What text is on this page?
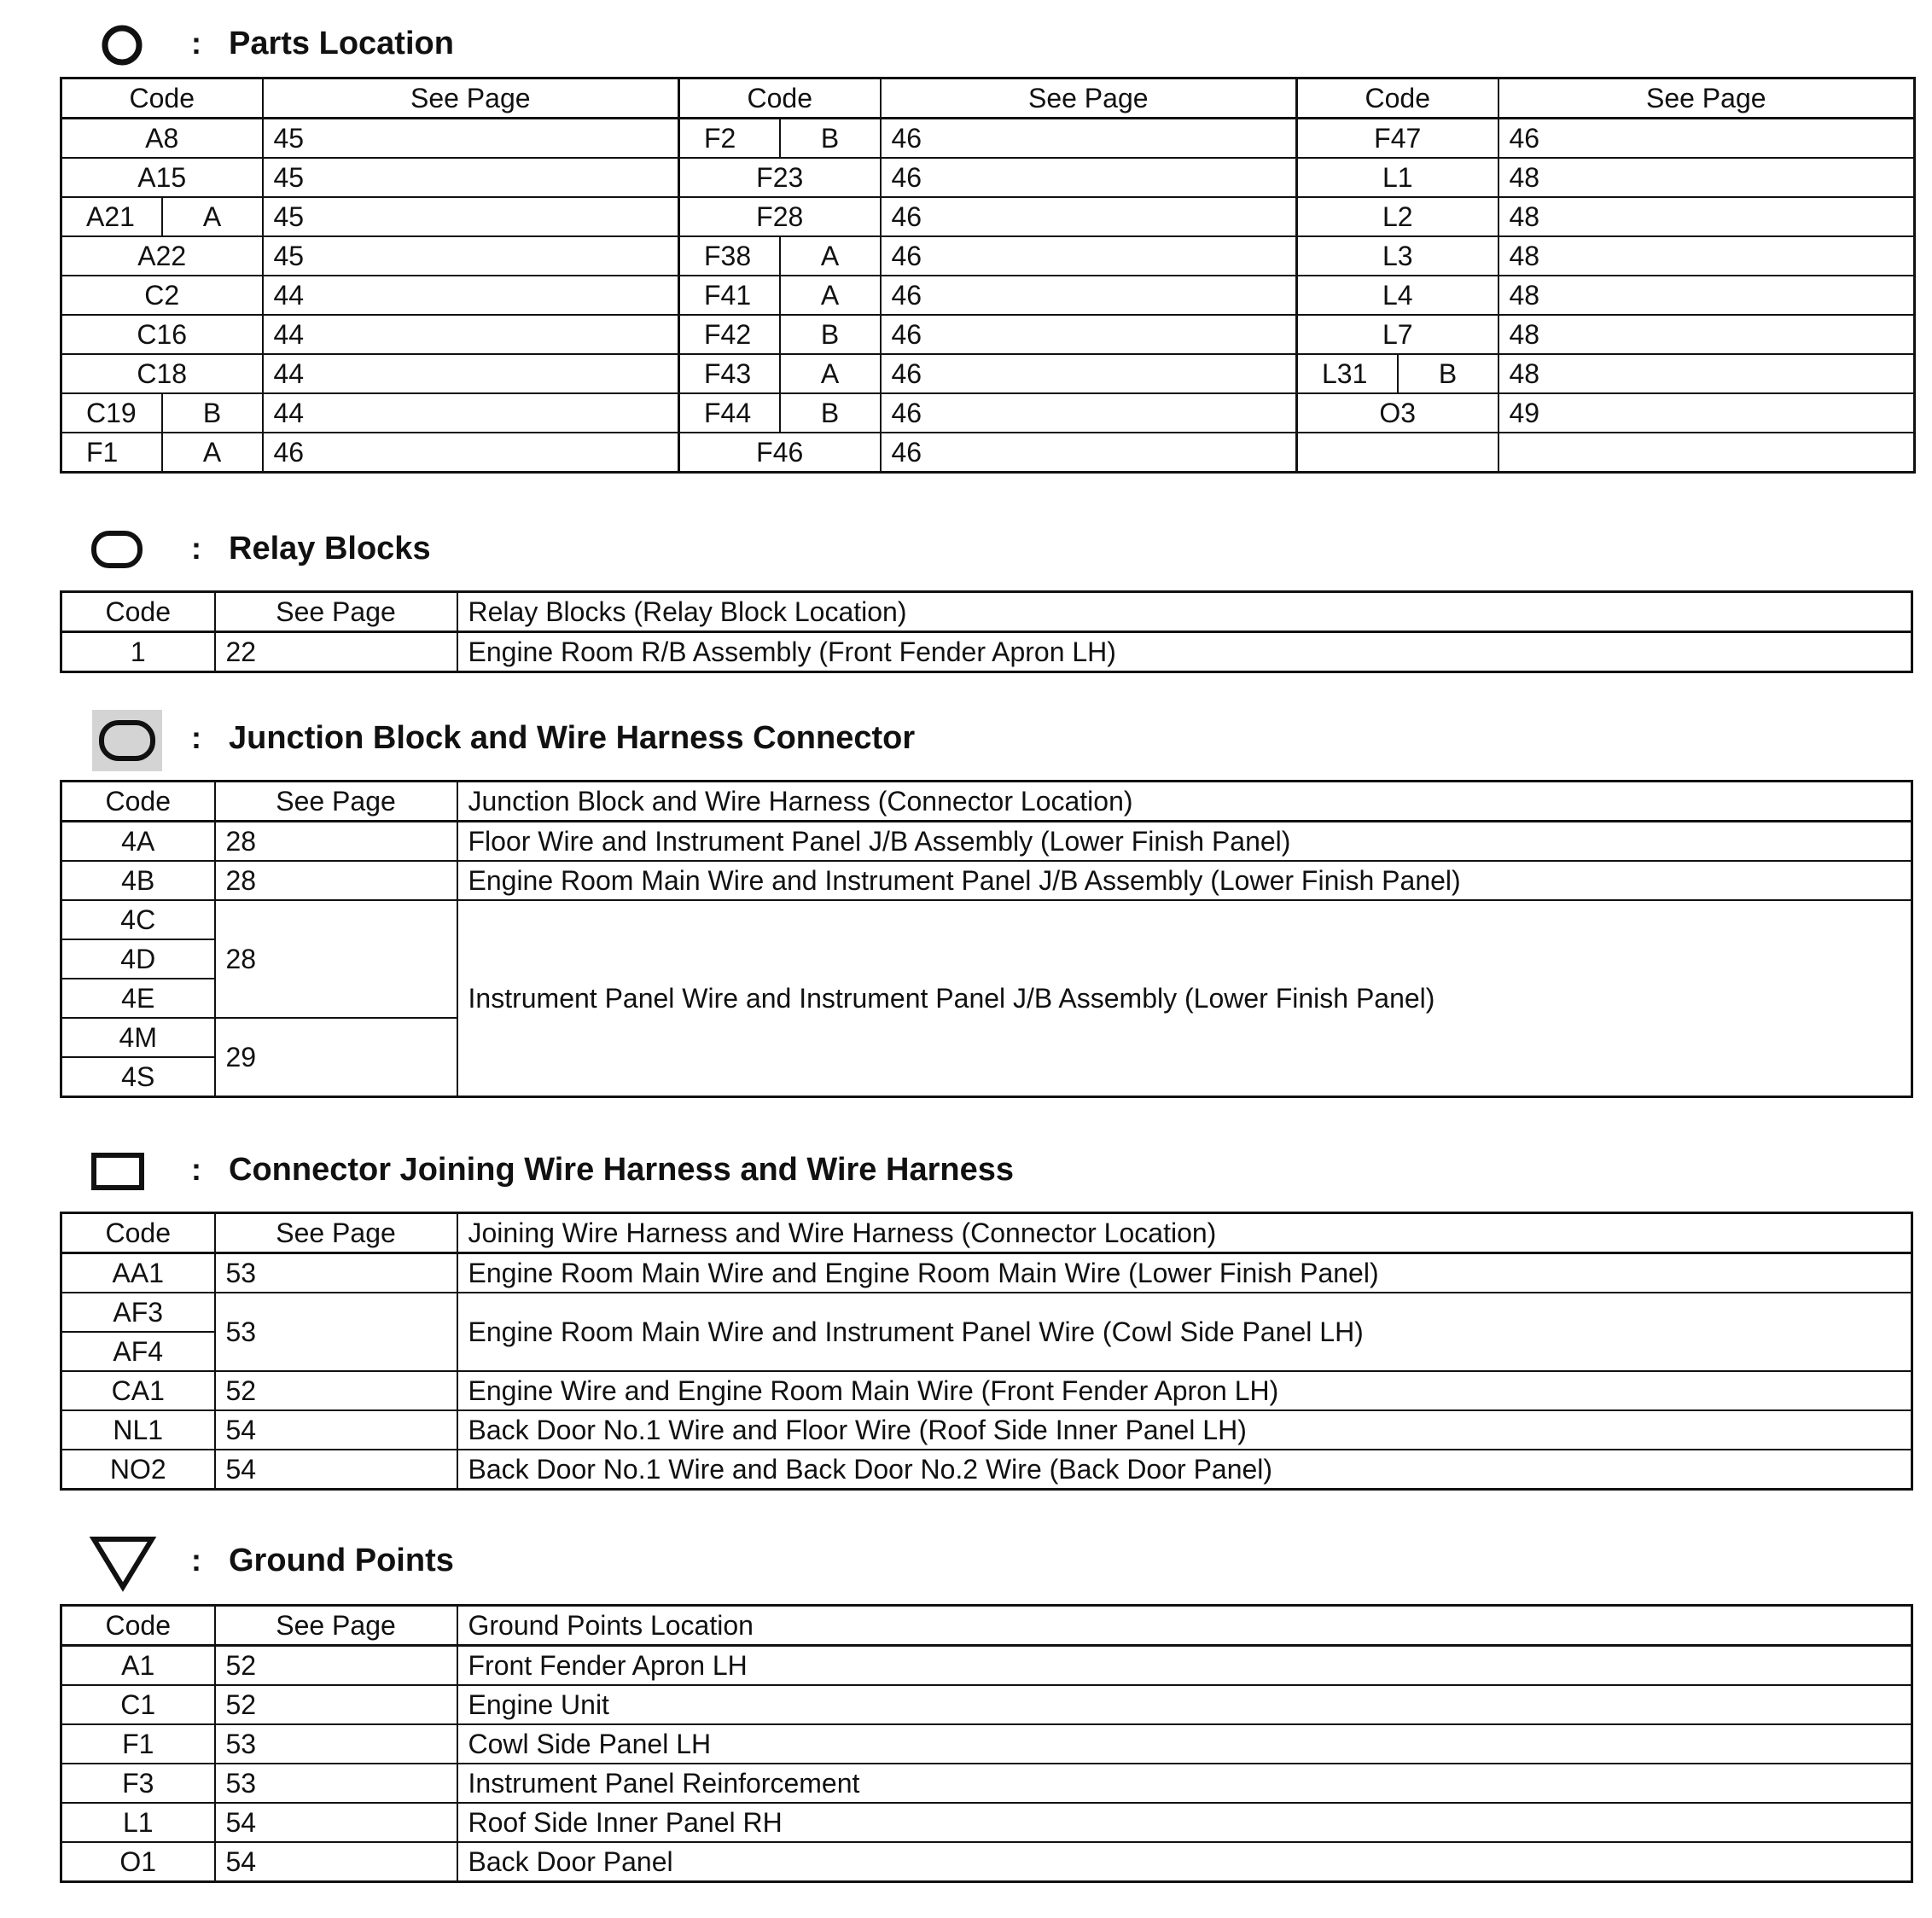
: Parts Location
Code		See Page	Code		See Page	Code		See Page
A8		45	F2	B	46	F47		46
A15		45	F23		46	L1		48
A21	A	45	F28		46	L2		48
A22		45	F38	A	46	L3		48
C2		44	F41	A	46	L4		48
C16		44	F42	B	46	L7		48
C18		44	F43	A	46	L31	B	48
C19	B	44	F44	B	46	O3		49
F1	A	46	F46		46			
: Relay Blocks
Code	See Page	Relay Blocks (Relay Block Location)
1	22	Engine Room R/B Assembly (Front Fender Apron LH)
: Junction Block and Wire Harness Connector
Code	See Page	Junction Block and Wire Harness (Connector Location)
4A	28	Floor Wire and Instrument Panel J/B Assembly (Lower Finish Panel)
4B	28	Engine Room Main Wire and Instrument Panel J/B Assembly (Lower Finish Panel)
4C	28	Instrument Panel Wire and Instrument Panel J/B Assembly (Lower Finish Panel)
4D		
4E		
4M	29	
4S		
: Connector Joining Wire Harness and Wire Harness
Code	See Page	Joining Wire Harness and Wire Harness (Connector Location)
AA1	53	Engine Room Main Wire and Engine Room Main Wire (Lower Finish Panel)
AF3	53	Engine Room Main Wire and Instrument Panel Wire (Cowl Side Panel LH)
AF4		
CA1	52	Engine Wire and Engine Room Main Wire (Front Fender Apron LH)
NL1	54	Back Door No.1 Wire and Floor Wire (Roof Side Inner Panel LH)
NO2	54	Back Door No.1 Wire and Back Door No.2 Wire (Back Door Panel)
: Ground Points
Code	See Page	Ground Points Location
A1	52	Front Fender Apron LH
C1	52	Engine Unit
F1	53	Cowl Side Panel LH
F3	53	Instrument Panel Reinforcement
L1	54	Roof Side Inner Panel RH
O1	54	Back Door Panel
